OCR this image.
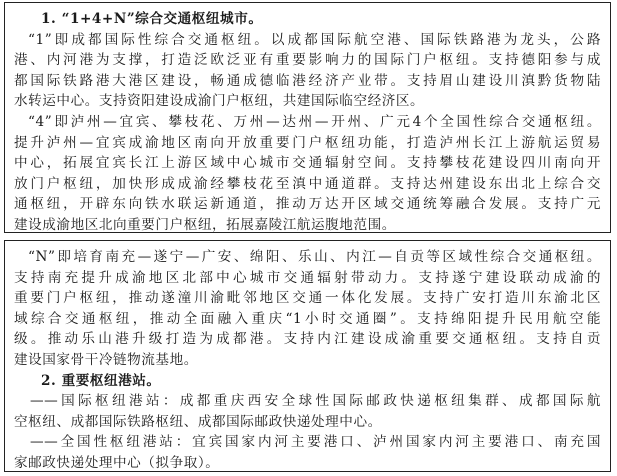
1. “1+4+N”综合交通枢纽城市。
“1”即成都国际性综合交通枢纽。以成都国际航空港、国际铁路港为龙头，公路
港、内河港为支撑，打造泛欧泛亚有重要影响力的国际门户枢纽。支持德阳参与成
都国际铁路港大港区建设，畅通成德临港经济产业带。支持眉山建设川滇黔货物陆
水转运中心。支持资阳建设成渝门户枢纽，共建国际临空经济区。
“4”即泸州—宜宾、攀枝花、万州—达州—开州、广元4个全国性综合交通枢纽。
提升泸州—宜宾成渝地区南向开放重要门户枢纽功能，打造泸州长江上游航运贸易
中心，拓展宜宾长江上游区域中心城市交通辐射空间。支持攀枝花建设四川南向开
放门户枢纽，加快形成成渝经攀枝花至滇中通道群。支持达州建设东出北上综合交
通枢纽，开辟东向铁水联运新通道，推动万达开区域交通统筹融合发展。支持广元
建设成渝地区北向重要门户枢纽，拓展嘉陵江航运腹地范围。
“N”即培育南充—遂宁—广安、绵阳、乐山、内江—自贡等区域性综合交通枢纽。
支持南充提升成渝地区北部中心城市交通辐射带动力。支持遂宁建设联动成渝的
重要门户枢纽，推动遂潼川渝毗邻地区交通一体化发展。支持广安打造川东渝北区
域综合交通枢纽，推动全面融入重庆“1小时交通圈”。支持绵阳提升民用航空能
级。推动乐山港升级打造为成都港。支持内江建设成渝重要交通枢纽。支持自贡
建设国家骨干冷链物流基地。
2. 重要枢纽港站。
——国际枢纽港站：成都重庆西安全球性国际邮政快递枢纽集群、成都国际航
空枢纽、成都国际铁路枢纽、成都国际邮政快递处理中心。
——全国性枢纽港站：宜宾国家内河主要港口、泸州国家内河主要港口、南充国
家邮政快递处理中心（拟争取）。
